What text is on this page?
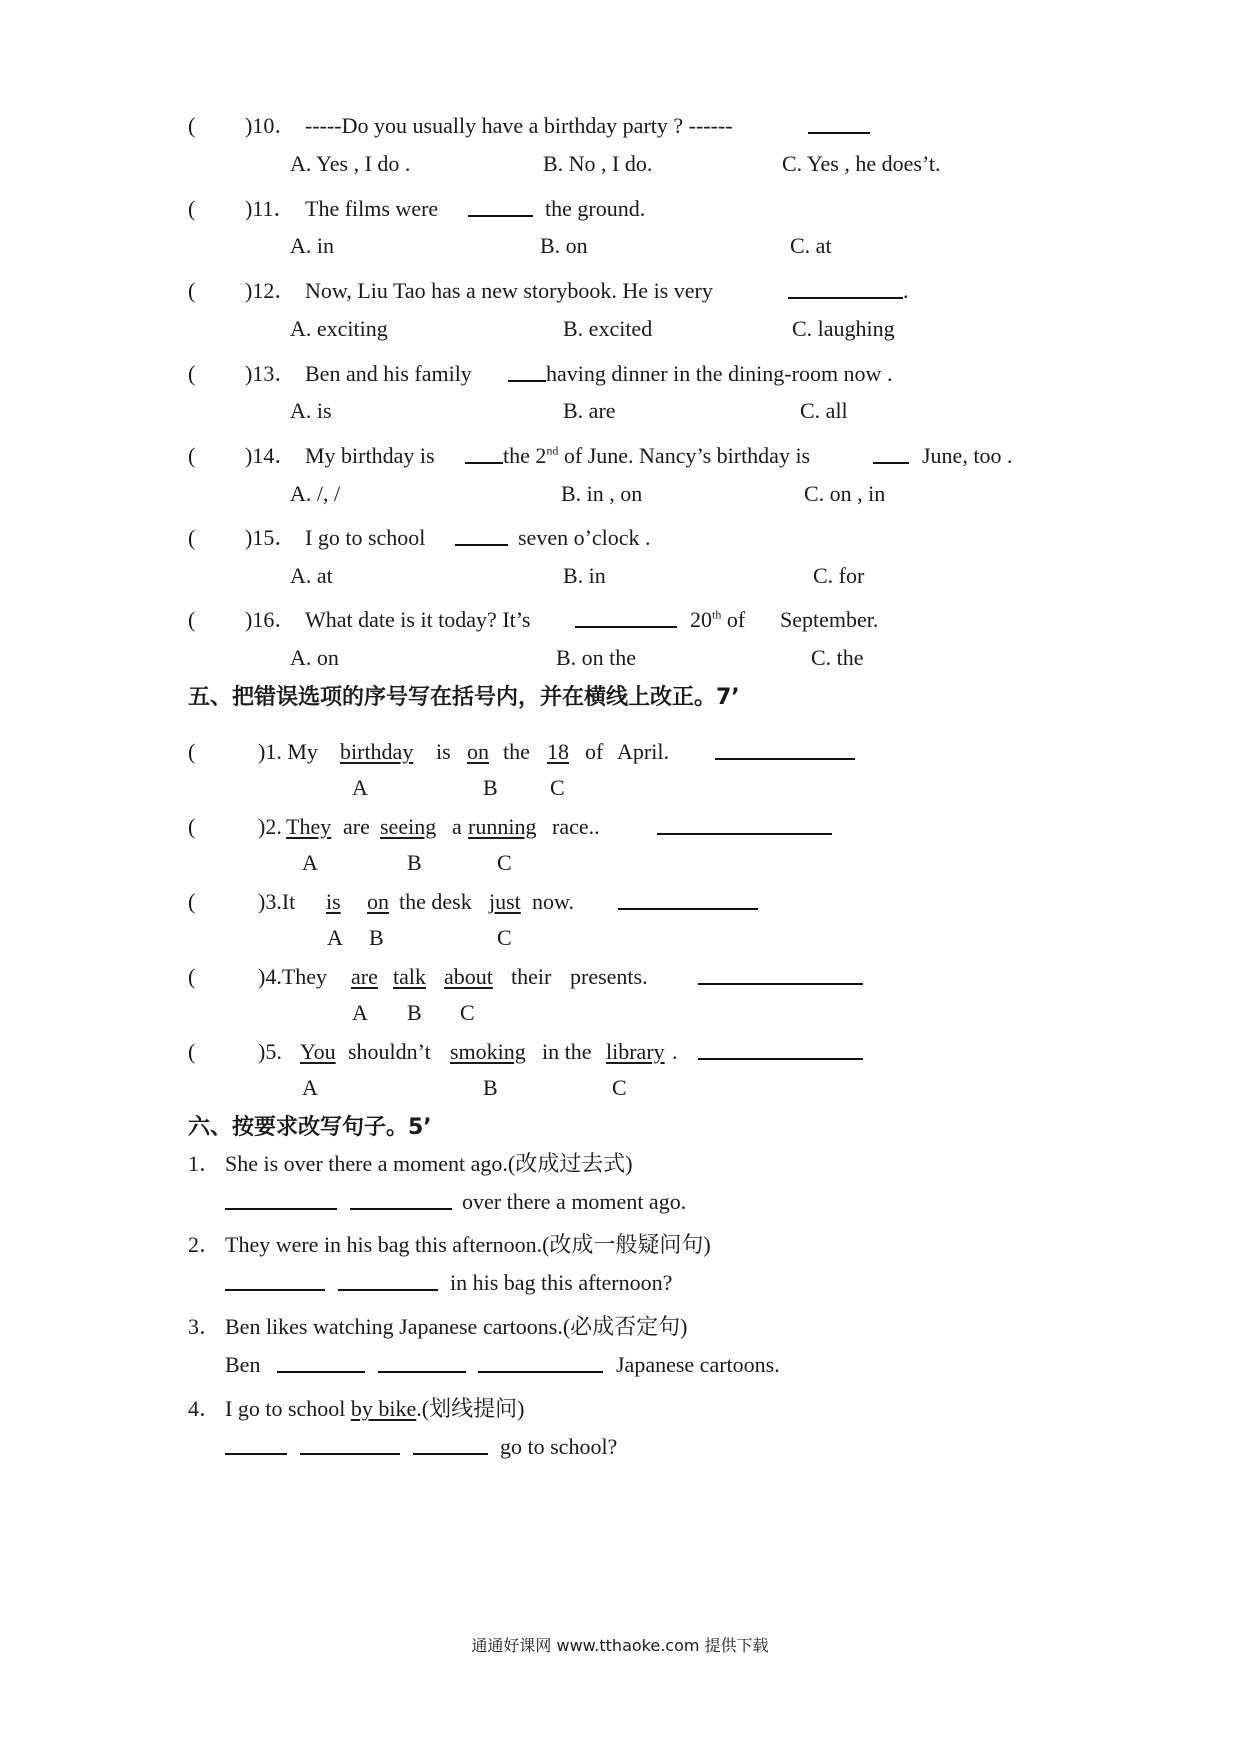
( )10． -----Do you usually have a birthday party ? ------
A. Yes , I do .	B. No , I do.	C. Yes , he does’t.
( )11． The films were	the ground.
A. in	B. on	C. at
( )12． Now, Liu Tao has a new storybook. He is very	.
A. exciting	B. excited	C. laughing
( )13． Ben and his family	having dinner in the dining-room now .
A. is	B. are	C. all
( )14． My birthday is	the 2nd of June. Nancy’s birthday is	June, too .
A. /, /	B. in , on	C. on , in
( )15． I go to school	seven o’clock .
A. at	B. in	C. for
( )16． What date is it today? It’s	20th of September.
A. on	B. on the	C. the
五、把错误选项的序号写在括号内，并在横线上改正。7’
(	)1. My birthday is on the 18 of April.
A	B C
(	)2. They are seeing a running race..
A	B	C
(	)3.It is on the desk just now.
A B	C
(	)4.They are talk about their presents.
A B C
(	)5. You shouldn’t smoking in the library .
A	B	C
六、按要求改写句子。5’
1． She is over there a moment ago.(改成过去式)
over there a moment ago.
2． They were in his bag this afternoon.(改成一般疑问句)
in his bag this afternoon?
3． Ben likes watching Japanese cartoons.(必成否定句)
Ben	Japanese cartoons.
4． I go to school by bike.(划线提问)
go to school?
通通好课网 www.tthaoke.com 提供下载
